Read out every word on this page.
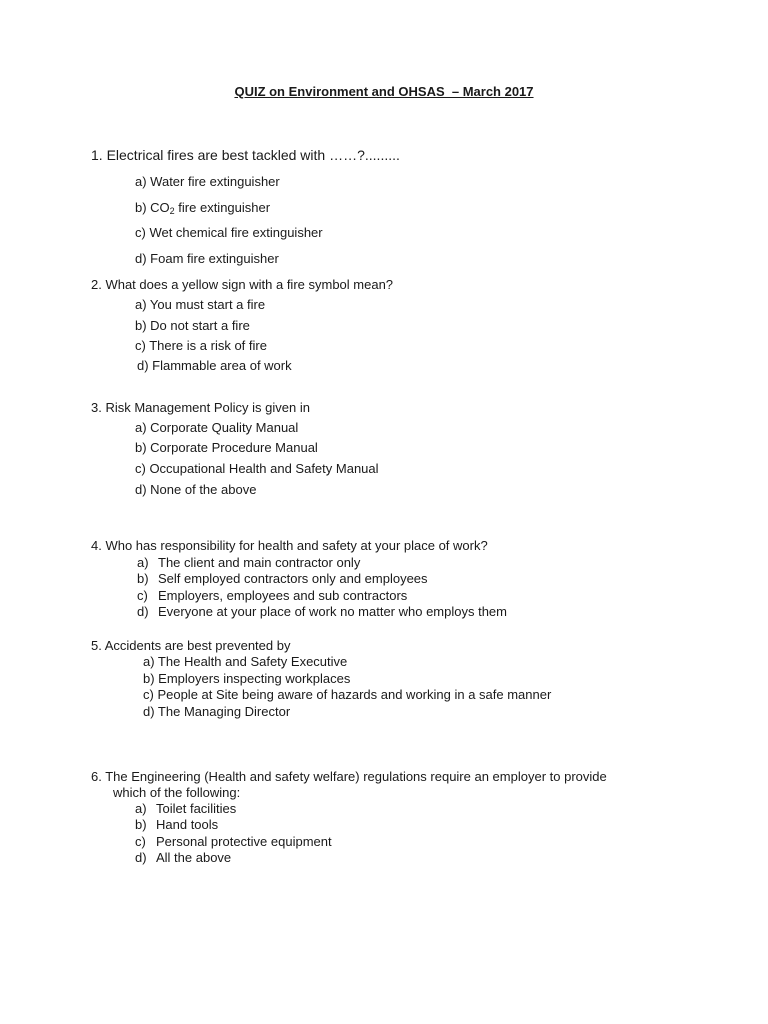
QUIZ on Environment and OHSAS  – March 2017
1. Electrical fires are best tackled with ……?.........
a) Water fire extinguisher
b) $CO_2$ fire extinguisher
c) Wet chemical fire extinguisher
d) Foam fire extinguisher
2. What does a yellow sign with a fire symbol mean?
a) You must start a fire
b) Do not start a fire
c) There is a risk of fire
d) Flammable area of work
3. Risk Management Policy is given in
a) Corporate Quality Manual
b) Corporate Procedure Manual
c) Occupational Health and Safety Manual
d) None of the above
4. Who has responsibility for health and safety at your place of work?
a) The client and main contractor only
b) Self employed contractors only and employees
c) Employers, employees and sub contractors
d) Everyone at your place of work no matter who employs them
5. Accidents are best prevented by
a) The Health and Safety Executive
b) Employers inspecting workplaces
c) People at Site being aware of hazards and working in a safe manner
d) The Managing Director
6. The Engineering (Health and safety welfare) regulations require an employer to provide
which of the following:
a) Toilet facilities
b) Hand tools
c) Personal protective equipment
d) All the above
